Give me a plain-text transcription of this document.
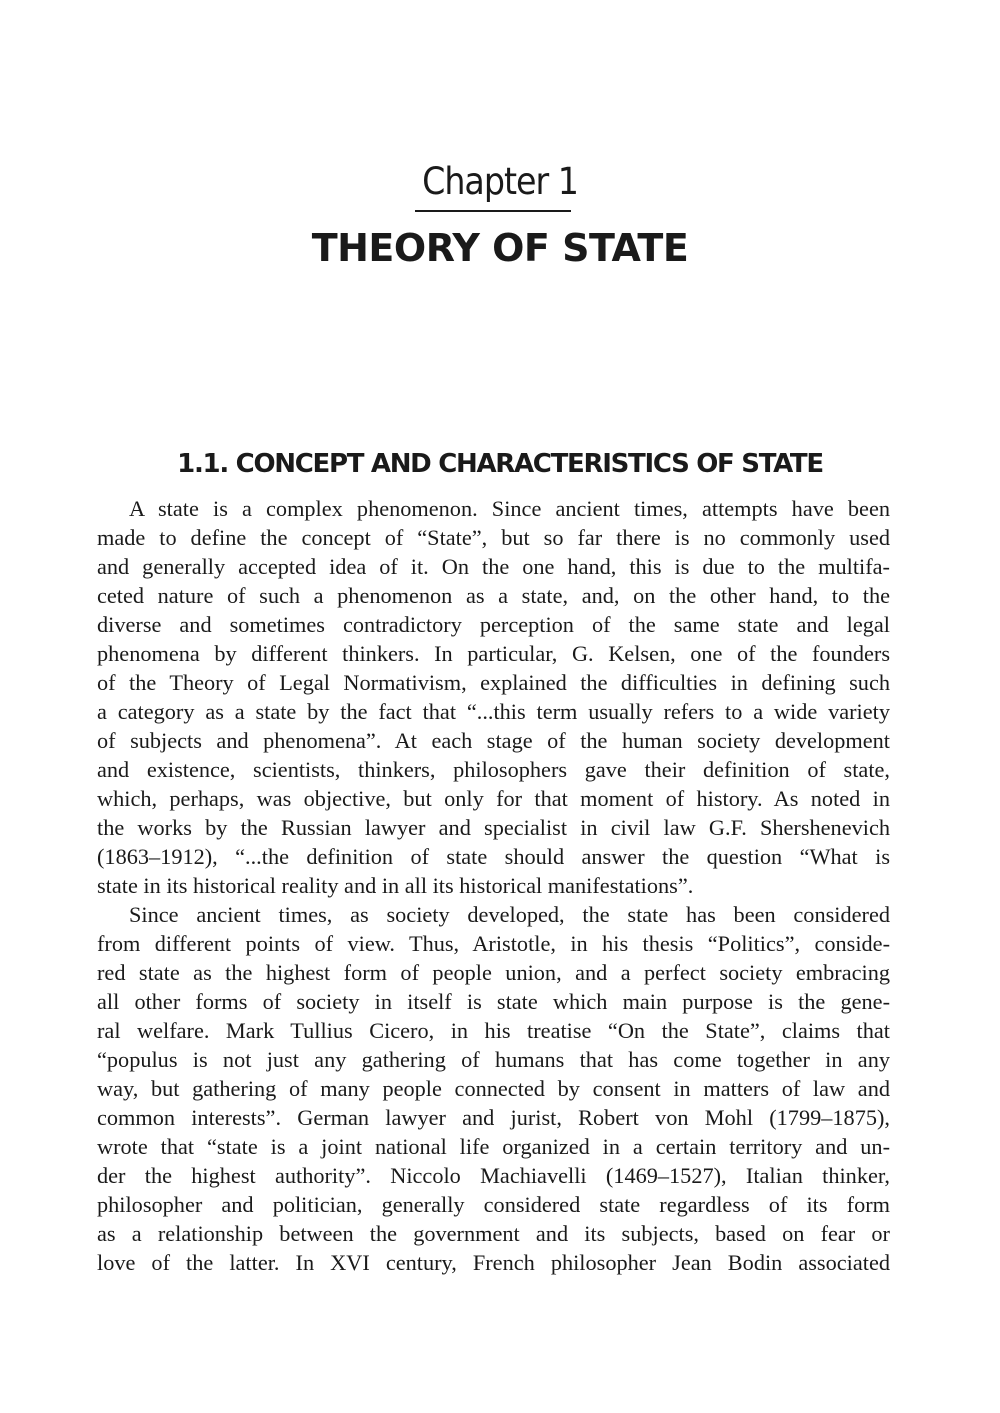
Chapter 1
THEORY OF STATE
1.1. CONCEPT AND CHARACTERISTICS OF STATE
A state is a complex phenomenon. Since ancient times, attempts have been
made to define the concept of “State”, but so far there is no commonly used
and generally accepted idea of it. On the one hand, this is due to the multifa-
ceted nature of such a phenomenon as a state, and, on the other hand, to the
diverse and sometimes contradictory perception of the same state and legal
phenomena by different thinkers. In particular, G. Kelsen, one of the founders
of the Theory of Legal Normativism, explained the difficulties in defining such
a category as a state by the fact that “...this term usually refers to a wide variety
of subjects and phenomena”. At each stage of the human society development
and existence, scientists, thinkers, philosophers gave their definition of state,
which, perhaps, was objective, but only for that moment of history. As noted in
the works by the Russian lawyer and specialist in civil law G.F. Shershenevich
(1863–1912), “...the definition of state should answer the question “What is
state in its historical reality and in all its historical manifestations”.
Since ancient times, as society developed, the state has been considered
from different points of view. Thus, Aristotle, in his thesis “Politics”, conside-
red state as the highest form of people union, and a perfect society embracing
all other forms of society in itself is state which main purpose is the gene-
ral welfare. Mark Tullius Cicero, in his treatise “On the State”, claims that
“populus is not just any gathering of humans that has come together in any
way, but gathering of many people connected by consent in matters of law and
common interests”. German lawyer and jurist, Robert von Mohl (1799–1875),
wrote that “state is a joint national life organized in a certain territory and un-
der the highest authority”. Niccolo Machiavelli (1469–1527), Italian thinker,
philosopher and politician, generally considered state regardless of its form
as a relationship between the government and its subjects, based on fear or
love of the latter. In XVI century, French philosopher Jean Bodin associated
